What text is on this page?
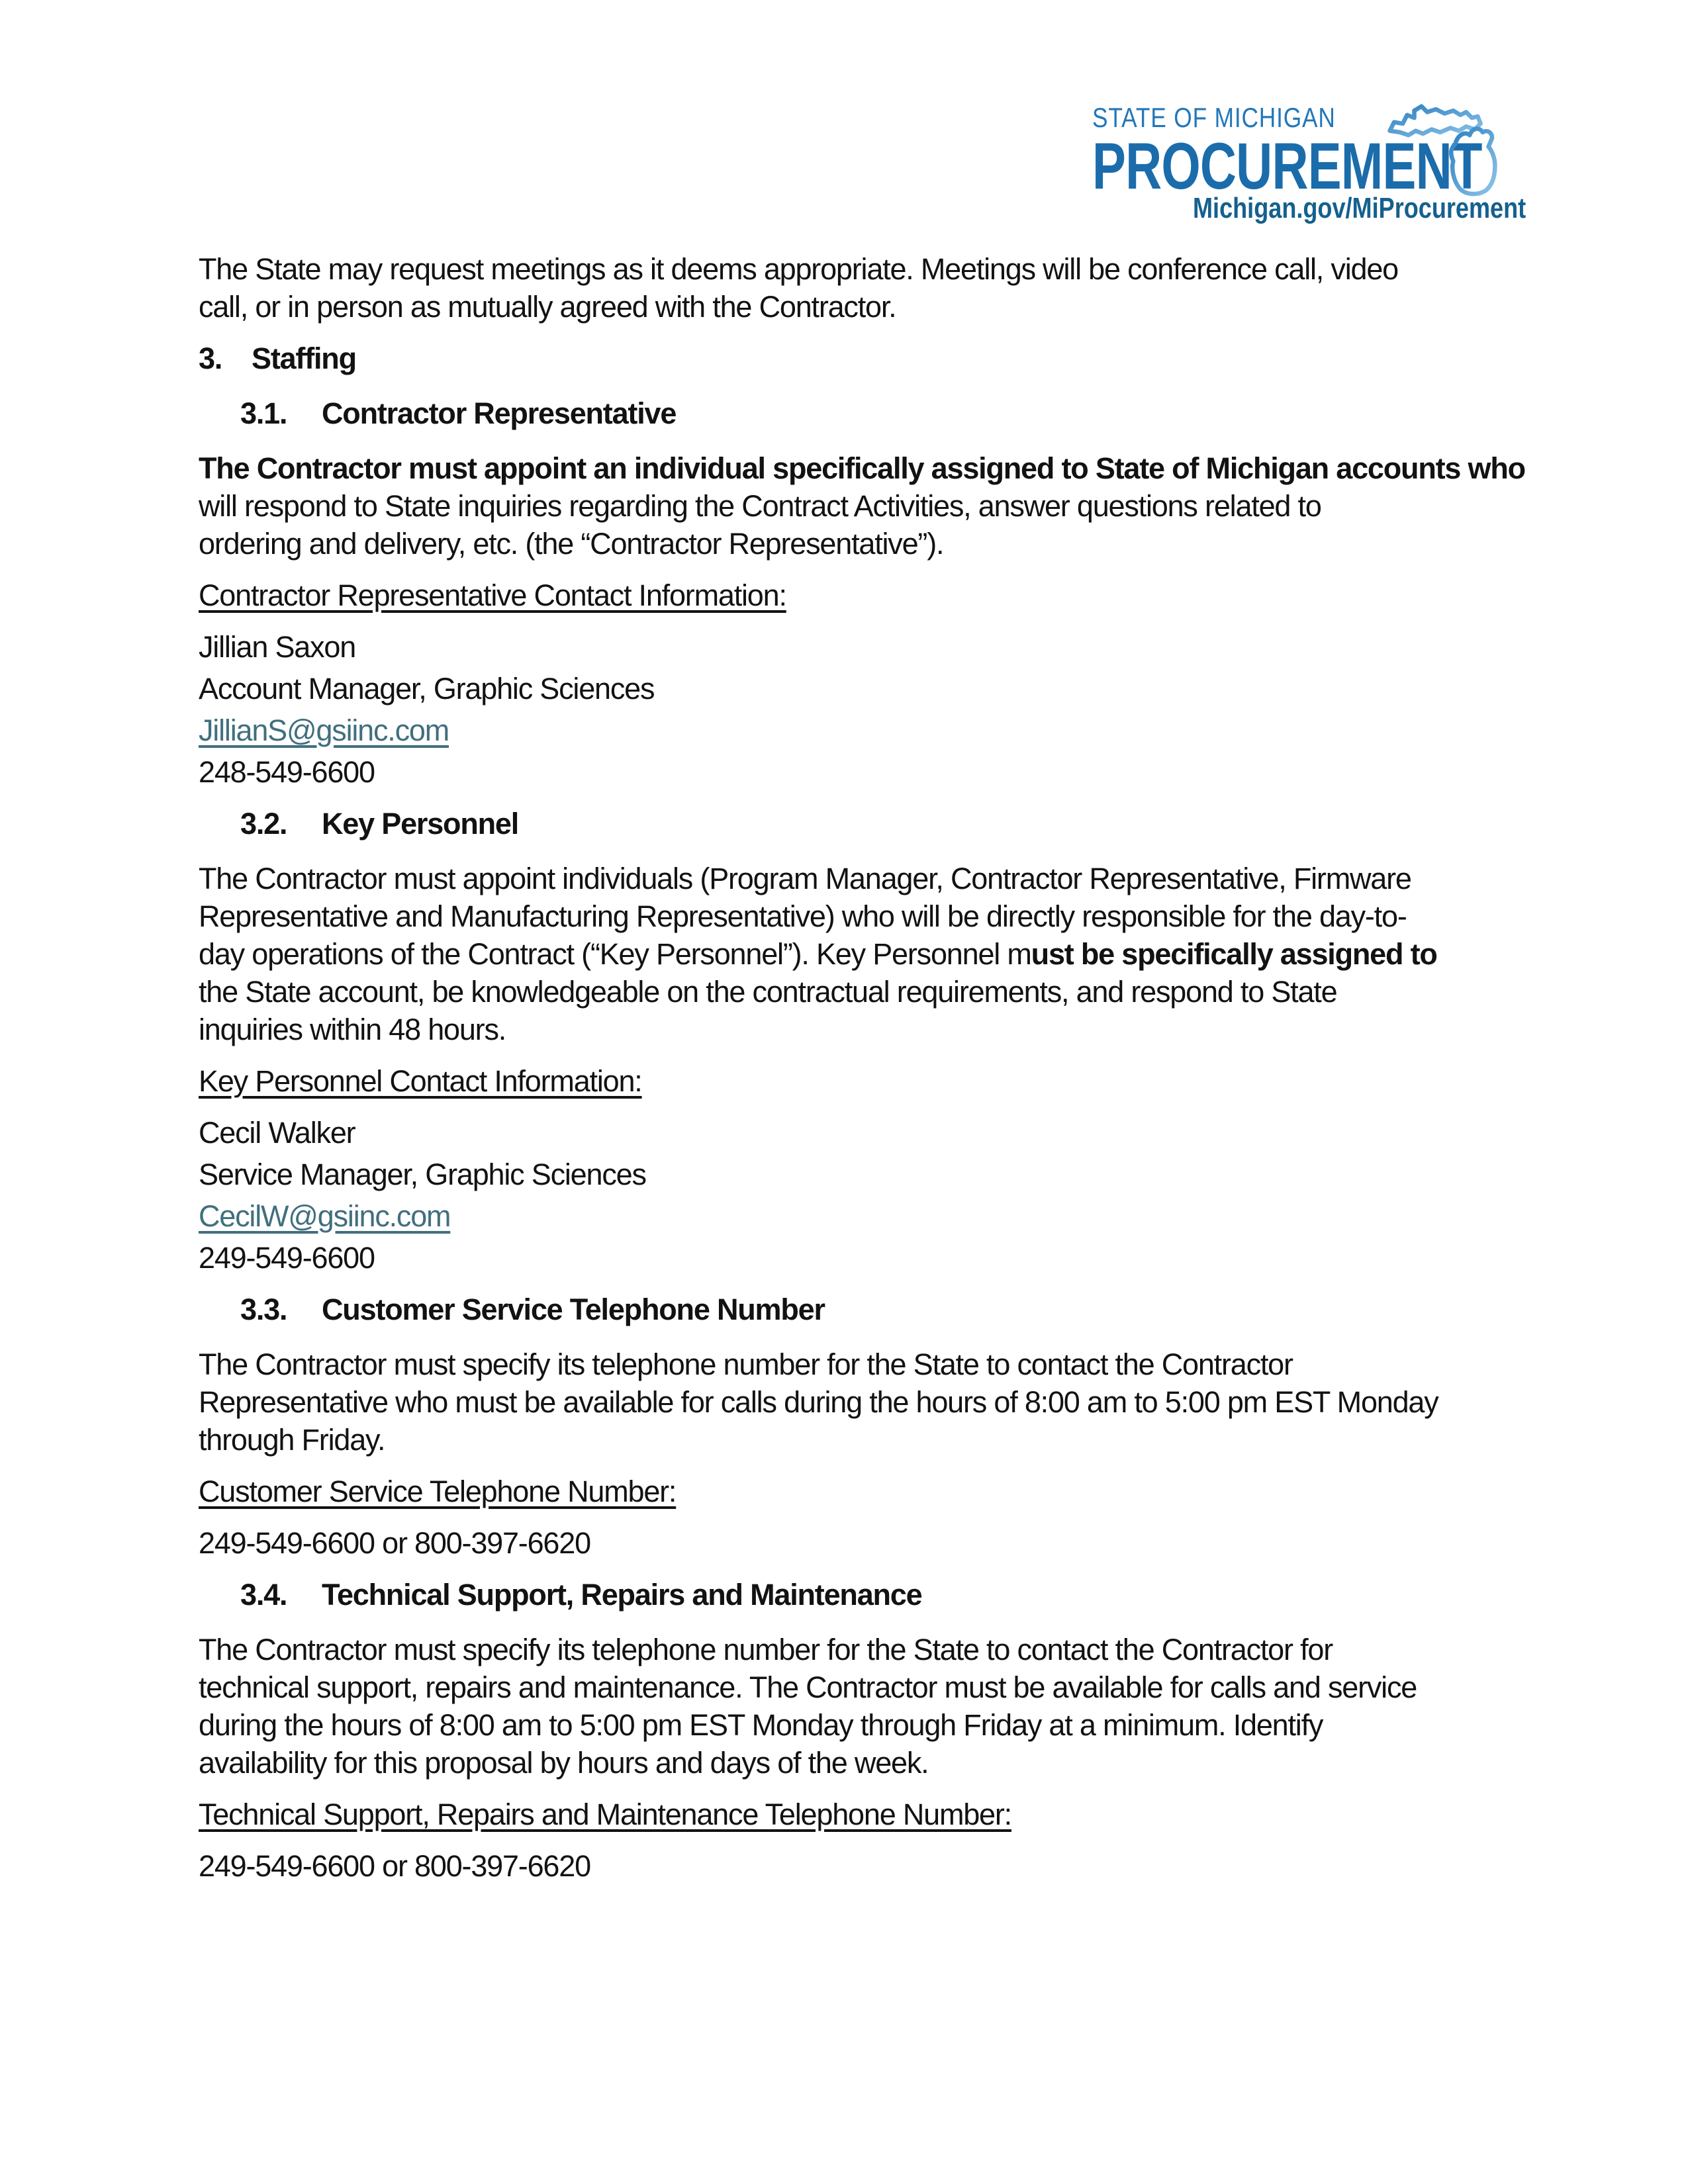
STATE OF MICHIGAN
PROCUREMENT
Michigan.gov/MiProcurement
The State may request meetings as it deems appropriate. Meetings will be conference call, video
call, or in person as mutually agreed with the Contractor.
3. Staffing
3.1. Contractor Representative
The Contractor must appoint an individual specifically assigned to State of Michigan accounts who
will respond to State inquiries regarding the Contract Activities, answer questions related to
ordering and delivery, etc. (the “Contractor Representative”).
Contractor Representative Contact Information:
Jillian Saxon
Account Manager, Graphic Sciences
JillianS@gsiinc.com
248-549-6600
3.2. Key Personnel
The Contractor must appoint individuals (Program Manager, Contractor Representative, Firmware
Representative and Manufacturing Representative) who will be directly responsible for the day-to-
day operations of the Contract (“Key Personnel”). Key Personnel must be specifically assigned to
the State account, be knowledgeable on the contractual requirements, and respond to State
inquiries within 48 hours.
Key Personnel Contact Information:
Cecil Walker
Service Manager, Graphic Sciences
CecilW@gsiinc.com
249-549-6600
3.3. Customer Service Telephone Number
The Contractor must specify its telephone number for the State to contact the Contractor
Representative who must be available for calls during the hours of 8:00 am to 5:00 pm EST Monday
through Friday.
Customer Service Telephone Number:
249-549-6600 or 800-397-6620
3.4. Technical Support, Repairs and Maintenance
The Contractor must specify its telephone number for the State to contact the Contractor for
technical support, repairs and maintenance. The Contractor must be available for calls and service
during the hours of 8:00 am to 5:00 pm EST Monday through Friday at a minimum. Identify
availability for this proposal by hours and days of the week.
Technical Support, Repairs and Maintenance Telephone Number:
249-549-6600 or 800-397-6620
